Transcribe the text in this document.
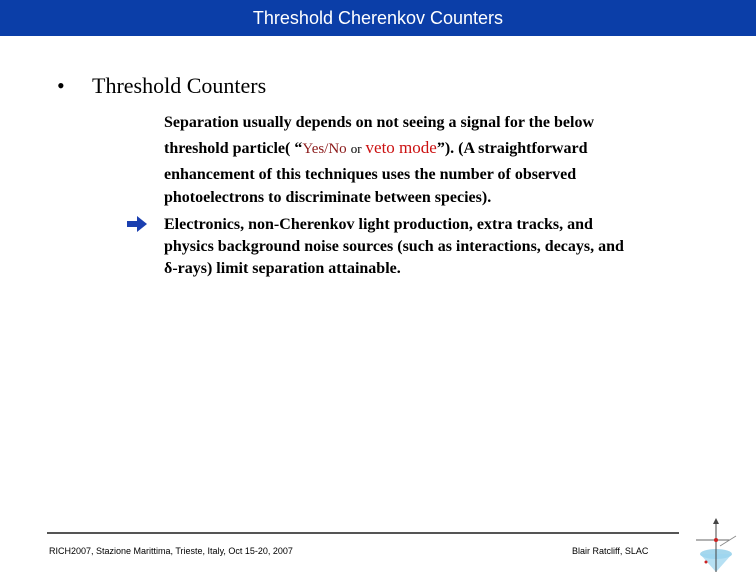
Threshold Cherenkov Counters
• Threshold Counters
Separation usually depends on not seeing a signal for the below
threshold particle( “Yes/No or veto mode”). (A straightforward
enhancement of this techniques uses the number of observed
photoelectrons to discriminate between species).
Electronics, non-Cherenkov light production, extra tracks, and
physics background noise sources (such as interactions, decays, and
δ-rays) limit separation attainable.
RICH2007, Stazione Marittima, Trieste, Italy, Oct 15-20, 2007	Blair Ratcliff, SLAC
